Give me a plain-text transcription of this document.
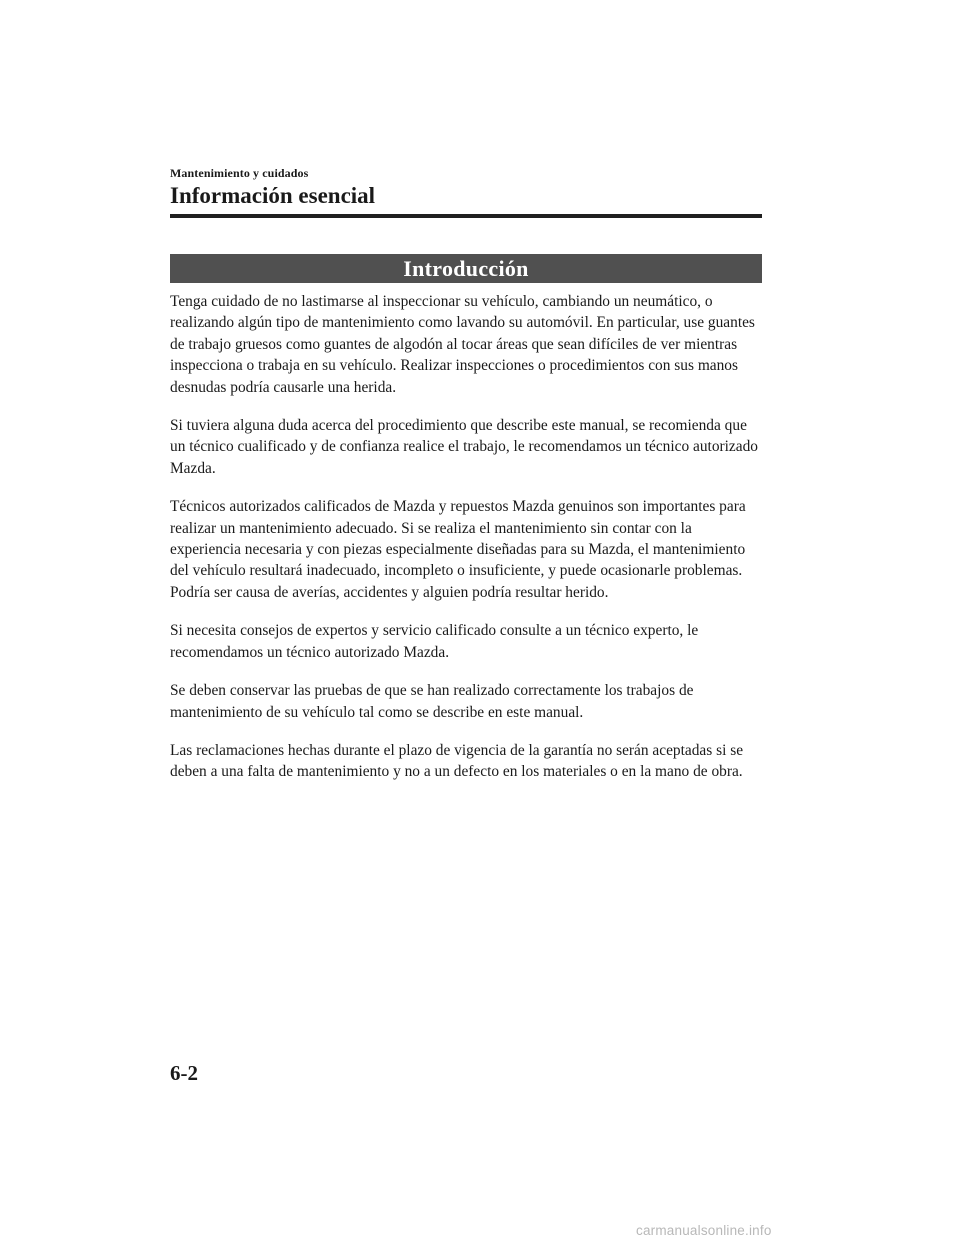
Mantenimiento y cuidados
Información esencial
Introducción

Tenga cuidado de no lastimarse al inspeccionar su vehículo, cambiando un neumático, o realizando algún tipo de mantenimiento como lavando su automóvil. En particular, use guantes de trabajo gruesos como guantes de algodón al tocar áreas que sean difíciles de ver mientras inspecciona o trabaja en su vehículo. Realizar inspecciones o procedimientos con sus manos desnudas podría causarle una herida.

Si tuviera alguna duda acerca del procedimiento que describe este manual, se recomienda que un técnico cualificado y de confianza realice el trabajo, le recomendamos un técnico autorizado Mazda.

Técnicos autorizados calificados de Mazda y repuestos Mazda genuinos son importantes para realizar un mantenimiento adecuado. Si se realiza el mantenimiento sin contar con la experiencia necesaria y con piezas especialmente diseñadas para su Mazda, el mantenimiento del vehículo resultará inadecuado, incompleto o insuficiente, y puede ocasionarle problemas. Podría ser causa de averías, accidentes y alguien podría resultar herido.

Si necesita consejos de expertos y servicio calificado consulte a un técnico experto, le recomendamos un técnico autorizado Mazda.

Se deben conservar las pruebas de que se han realizado correctamente los trabajos de mantenimiento de su vehículo tal como se describe en este manual.

Las reclamaciones hechas durante el plazo de vigencia de la garantía no serán aceptadas si se deben a una falta de mantenimiento y no a un defecto en los materiales o en la mano de obra.

6-2
carmanualsonline.info
